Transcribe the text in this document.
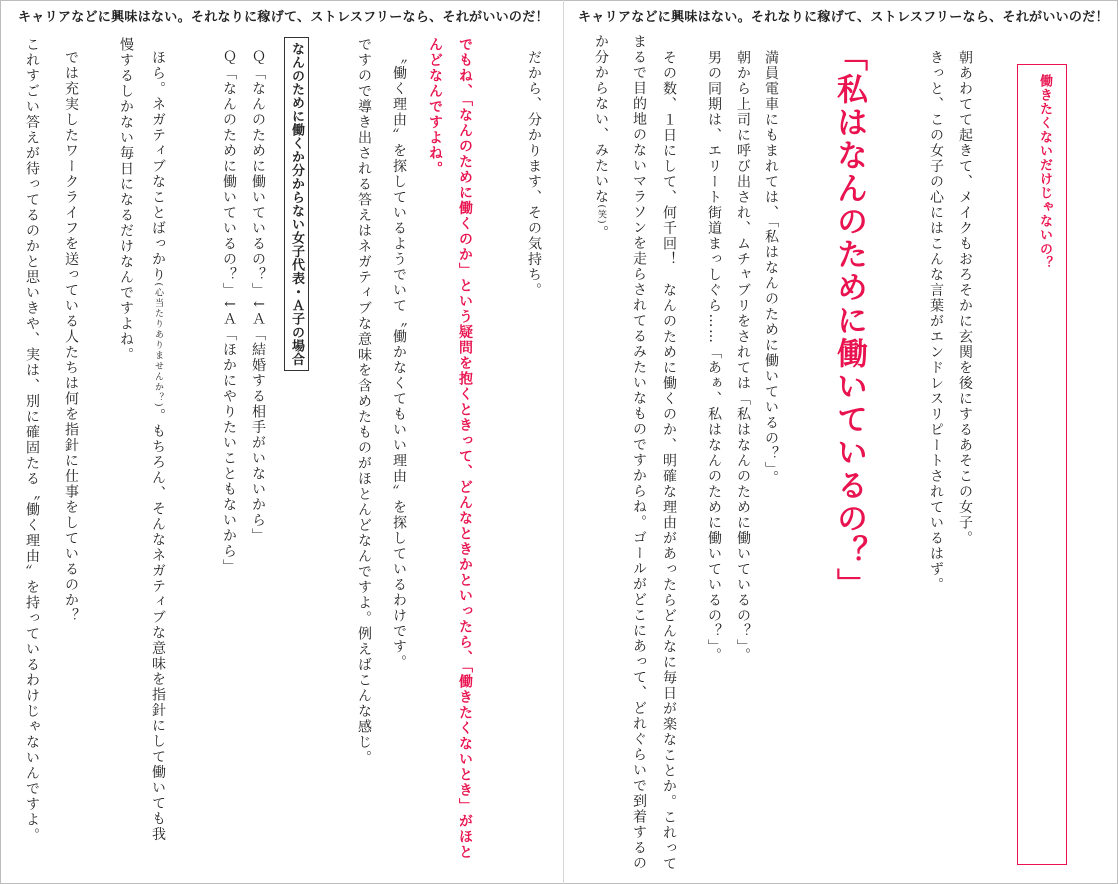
キャリアなどに興味はない。それなりに稼げて、ストレスフリーなら、それがいいのだ！ キャリアなどに興味はない。それなりに稼げて、ストレスフリーなら、それがいいのだ！
働きたくないだけじゃないの？
朝あわてて起きて、メイクもおろそかに玄関を後にするあそこの女子。
きっと、この女子の心にはこんな言葉がエンドレスリピートされているはず。
「私はなんのために働いているの？」
満員電車にもまれては、「私はなんのために働いているの？」。
朝から上司に呼び出され、ムチャブリをされては「私はなんのために働いているの？」。
男の同期は、エリート街道まっしぐら……「あぁ、私はなんのために働いているの？」。
その数、１日にして、何千回！　なんのために働くのか、明確な理由があったらどんなに毎日が楽なことか。これって
まるで目的地のないマラソンを走らされてるみたいなものですからね。ゴールがどこにあって、どれぐらいで到着するの
か分からない、みたいな(笑)。
だから、分かります、その気持ち。
でもね、「なんのために働くのか」という疑問を抱くときって、どんなときかといったら、「働きたくないとき」がほと
んどなんですよね。
〝働く理由〟を探しているようでいて〝働かなくてもいい理由〟を探しているわけです。
ですので導き出される答えはネガティブな意味を含めたものがほとんどなんですよ。例えばこんな感じ。
なんのために働くか分からない女子代表・Ａ子の場合
Ｑ「なんのために働いているの？」↓Ａ「結婚する相手がいないから」
Ｑ「なんのために働いているの？」↓Ａ「ほかにやりたいこともないから」
ほら。ネガティブなことばっかり(心当たりありませんか？)。もちろん、そんなネガティブな意味を指針にして働いても我
慢するしかない毎日になるだけなんですよね。
では充実したワークライフを送っている人たちは何を指針に仕事をしているのか？
これすごい答えが待ってるのかと思いきや、実は、別に確固たる〝働く理由〟を持っているわけじゃないんですよ。
